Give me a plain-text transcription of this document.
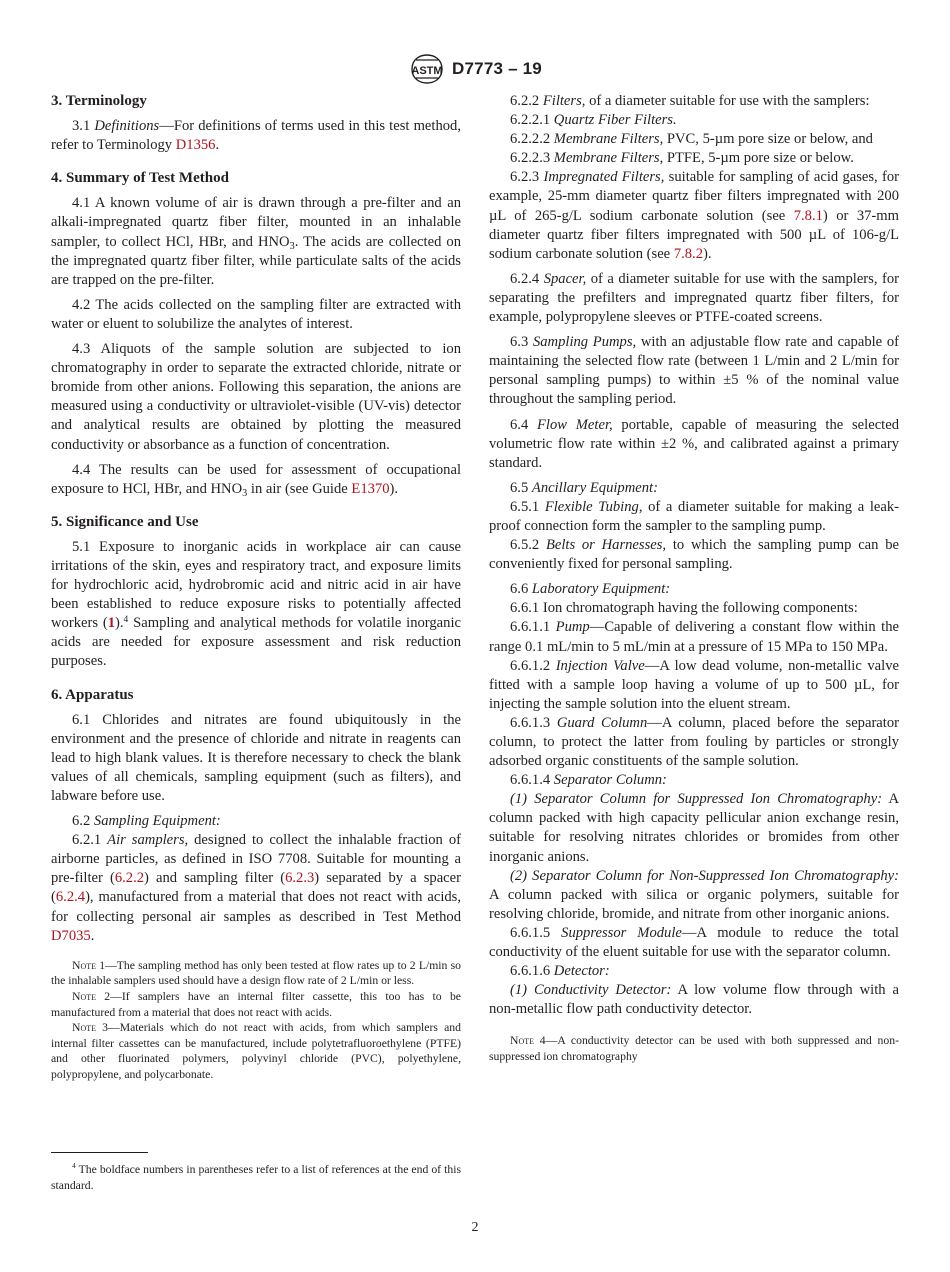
ASTM D7773 – 19

3. Terminology

3.1 Definitions—For definitions of terms used in this test method, refer to Terminology D1356.

4. Summary of Test Method

4.1 A known volume of air is drawn through a pre-filter and an alkali-impregnated quartz fiber filter, mounted in an inhalable sampler, to collect HCl, HBr, and $HNO_3$. The acids are collected on the impregnated quartz fiber filter, while particulate salts of the acids are trapped on the pre-filter.

4.2 The acids collected on the sampling filter are extracted with water or eluent to solubilize the analytes of interest.

4.3 Aliquots of the sample solution are subjected to ion chromatography in order to separate the extracted chloride, nitrate or bromide from other anions. Following this separation, the anions are measured using a conductivity or ultraviolet-visible (UV-vis) detector and analytical results are obtained by plotting the measured conductivity or absorbance as a function of concentration.

4.4 The results can be used for assessment of occupational exposure to HCl, HBr, and $HNO_3$ in air (see Guide E1370).

5. Significance and Use

5.1 Exposure to inorganic acids in workplace air can cause irritations of the skin, eyes and respiratory tract, and exposure limits for hydrochloric acid, hydrobromic acid and nitric acid in air have been established to reduce exposure risks to potentially affected workers (1).$^4$ Sampling and analytical methods for volatile inorganic acids are needed for exposure assessment and risk reduction purposes.

6. Apparatus

6.1 Chlorides and nitrates are found ubiquitously in the environment and the presence of chloride and nitrate in reagents can lead to high blank values. It is therefore necessary to check the blank values of all chemicals, sampling equipment (such as filters), and labware before use.

6.2 Sampling Equipment:

6.2.1 Air samplers, designed to collect the inhalable fraction of airborne particles, as defined in ISO 7708. Suitable for mounting a pre-filter (6.2.2) and sampling filter (6.2.3) separated by a spacer (6.2.4), manufactured from a material that does not react with acids, for collecting personal air samples as described in Test Method D7035.

Note 1—The sampling method has only been tested at flow rates up to 2 L/min so the inhalable samplers used should have a design flow rate of 2 L/min or less.

Note 2—If samplers have an internal filter cassette, this too has to be manufactured from a material that does not react with acids.

Note 3—Materials which do not react with acids, from which samplers and internal filter cassettes can be manufactured, include polytetrafluoroethylene (PTFE) and other fluorinated polymers, polyvinyl chloride (PVC), polyethylene, polypropylene, and polycarbonate.

$^4$ The boldface numbers in parentheses refer to a list of references at the end of this standard.

6.2.2 Filters, of a diameter suitable for use with the samplers:

6.2.2.1 Quartz Fiber Filters.

6.2.2.2 Membrane Filters, PVC, 5-µm pore size or below, and

6.2.2.3 Membrane Filters, PTFE, 5-µm pore size or below.

6.2.3 Impregnated Filters, suitable for sampling of acid gases, for example, 25-mm diameter quartz fiber filters impregnated with 200 µL of 265-g/L sodium carbonate solution (see 7.8.1) or 37-mm diameter quartz fiber filters impregnated with 500 µL of 106-g/L sodium carbonate solution (see 7.8.2).

6.2.4 Spacer, of a diameter suitable for use with the samplers, for separating the prefilters and impregnated quartz fiber filters, for example, polypropylene sleeves or PTFE-coated screens.

6.3 Sampling Pumps, with an adjustable flow rate and capable of maintaining the selected flow rate (between 1 L/min and 2 L/min for personal sampling pumps) to within ±5 % of the nominal value throughout the sampling period.

6.4 Flow Meter, portable, capable of measuring the selected volumetric flow rate within ±2 %, and calibrated against a primary standard.

6.5 Ancillary Equipment:

6.5.1 Flexible Tubing, of a diameter suitable for making a leak-proof connection form the sampler to the sampling pump.

6.5.2 Belts or Harnesses, to which the sampling pump can be conveniently fixed for personal sampling.

6.6 Laboratory Equipment:

6.6.1 Ion chromatograph having the following components:

6.6.1.1 Pump—Capable of delivering a constant flow within the range 0.1 mL/min to 5 mL/min at a pressure of 15 MPa to 150 MPa.

6.6.1.2 Injection Valve—A low dead volume, non-metallic valve fitted with a sample loop having a volume of up to 500 µL, for injecting the sample solution into the eluent stream.

6.6.1.3 Guard Column—A column, placed before the separator column, to protect the latter from fouling by particles or strongly adsorbed organic constituents of the sample solution.

6.6.1.4 Separator Column:

(1) Separator Column for Suppressed Ion Chromatography: A column packed with high capacity pellicular anion exchange resin, suitable for resolving nitrates chlorides or bromides from other inorganic anions.

(2) Separator Column for Non-Suppressed Ion Chromatography: A column packed with silica or organic polymers, suitable for resolving chloride, bromide, and nitrate from other inorganic anions.

6.6.1.5 Suppressor Module—A module to reduce the total conductivity of the eluent suitable for use with the separator column.

6.6.1.6 Detector:

(1) Conductivity Detector: A low volume flow through with a non-metallic flow path conductivity detector.

Note 4—A conductivity detector can be used with both suppressed and non-suppressed ion chromatography

2
